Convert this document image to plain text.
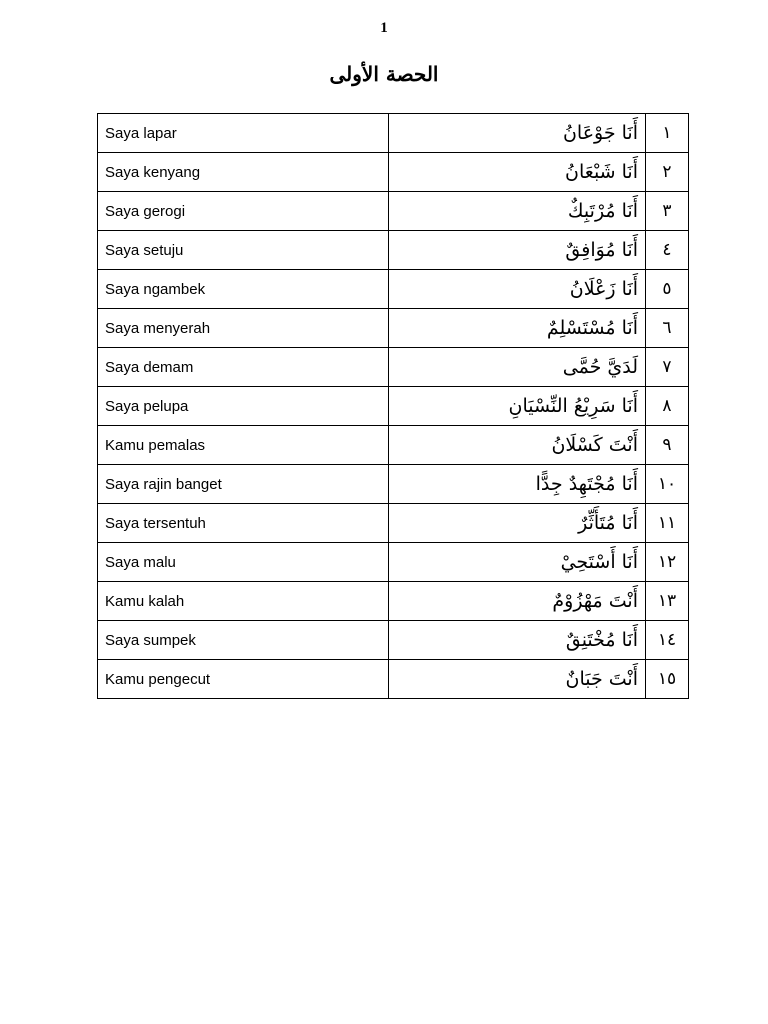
1
الحصة الأولى
Saya lapar	أَنَا جَوْعَانُ	١
Saya kenyang	أَنَا شَبْعَانُ	٢
Saya gerogi	أَنَا مُرْتَبِكٌ	٣
Saya setuju	أَنَا مُوَافِقٌ	٤
Saya ngambek	أَنَا زَعْلَانُ	٥
Saya menyerah	أَنَا مُسْتَسْلِمٌ	٦
Saya demam	لَدَيَّ حُمَّى	٧
Saya pelupa	أَنَا سَرِيْعُ النِّسْيَانِ	٨
Kamu pemalas	أَنْتَ كَسْلَانُ	٩
Saya rajin banget	أَنَا مُجْتَهِدٌ جِدًّا	١٠
Saya tersentuh	أَنَا مُتَأَثِّرٌ	١١
Saya malu	أَنَا أَسْتَحِيْ	١٢
Kamu kalah	أَنْتَ مَهْزُوْمٌ	١٣
Saya sumpek	أَنَا مُخْتَنِقٌ	١٤
Kamu pengecut	أَنْتَ جَبَانٌ	١٥
